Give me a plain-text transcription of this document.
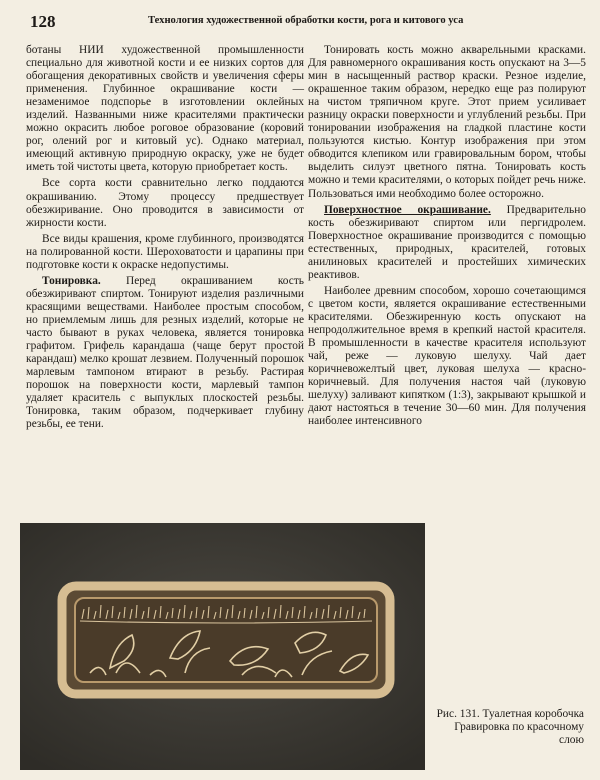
128	Технология художественной обработки кости, рога и китового уса

ботаны НИИ художественной промышленности специально для животной кости и ее низких сортов для обогащения декоративных свойств и увеличения сферы применения. Глубинное окрашивание кости — незаменимое подспорье в изготовлении оклейных изделий. Названными ниже красителями практически можно окрасить любое роговое образование (коровий рог, олений рог и китовый ус). Однако материал, имеющий активную природную окраску, уже не будет иметь той чистоты цвета, которую приобретает кость.

Все сорта кости сравнительно легко поддаются окрашиванию. Этому процессу предшествует обезжиривание. Оно проводится в зависимости от жирности кости.

Все виды крашения, кроме глубинного, производятся на полированной кости. Шероховатости и царапины при подготовке кости к окраске недопустимы.

Тонировка. Перед окрашиванием кость обезжиривают спиртом. Тонируют изделия различными красящими веществами. Наиболее простым способом, но приемлемым лишь для резных изделий, которые не часто бывают в руках человека, является тонировка графитом. Грифель карандаша (чаще берут простой карандаш) мелко крошат лезвием. Полученный порошок марлевым тампоном втирают в резьбу. Растирая порошок на поверхности кости, марлевый тампон удаляет краситель с выпуклых плоскостей резьбы. Тонировка, таким образом, подчеркивает глубину резьбы, ее тени.

Тонировать кость можно акварельными красками. Для равномерного окрашивания кость опускают на 3—5 мин в насыщенный раствор краски. Резное изделие, окрашенное таким образом, нередко еще раз полируют на чистом тряпичном круге. Этот прием усиливает разницу окраски поверхности и углублений резьбы. При тонировании изображения на гладкой пластине кости пользуются кистью. Контур изображения при этом обводится клепиком или гравировальным бором, чтобы выделить силуэт цветного пятна. Тонировать кость можно и теми красителями, о которых пойдет речь ниже. Пользоваться ими необходимо более осторожно.

Поверхностное окрашивание. Предварительно кость обезжиривают спиртом или пергидролем. Поверхностное окрашивание производится с помощью естественных, природных, красителей, готовых анилиновых красителей и простейших химических реактивов.

Наиболее древним способом, хорошо сочетающимся с цветом кости, является окрашивание естественными красителями. Обезжиренную кость опускают на непродолжительное время в крепкий настой красителя. В промышленности в качестве красителя используют чай, реже — луковую шелуху. Чай дает коричневожелтый цвет, луковая шелуха — красно-коричневый. Для получения настоя чай (луковую шелуху) заливают кипятком (1:3), закрывают крышкой и дают настояться в течение 30—60 мин. Для получения наиболее интенсивного

Рис. 131. Туалетная коробочка
Гравировка по красочному слою
